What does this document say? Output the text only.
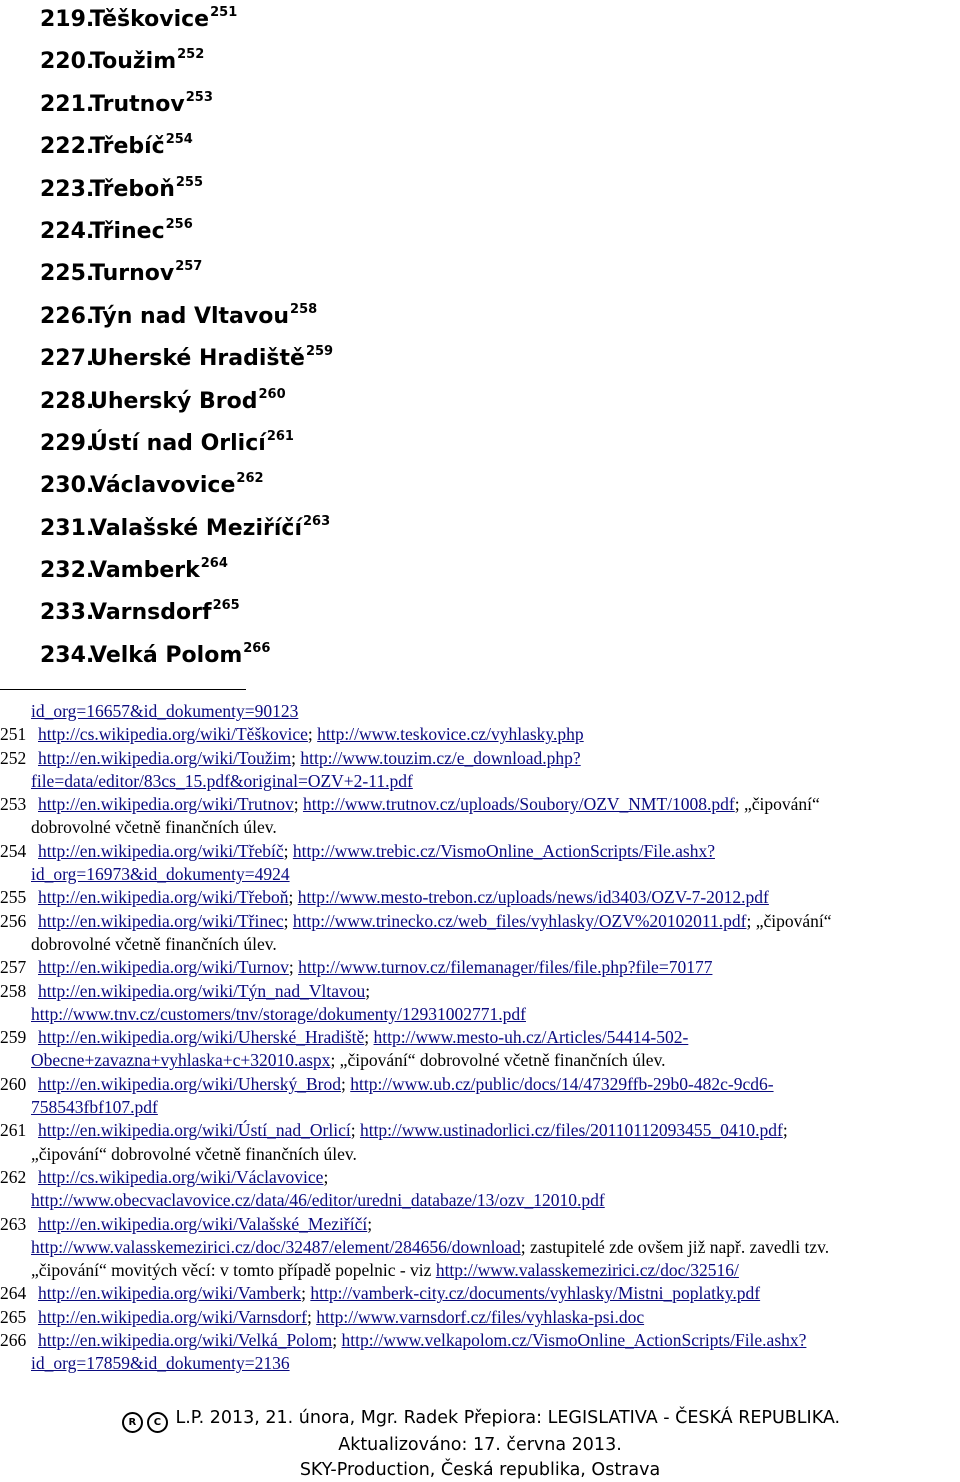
219.Těškovice$^{251}$
220.Toužim$^{252}$
221.Trutnov$^{253}$
222.Třebíč$^{254}$
223.Třeboň$^{255}$
224.Třinec$^{256}$
225.Turnov$^{257}$
226.Týn nad Vltavou$^{258}$
227.Uherské Hradiště$^{259}$
228.Uherský Brod$^{260}$
229.Ústí nad Orlicí$^{261}$
230.Václavovice$^{262}$
231.Valašské Meziříčí$^{263}$
232.Vamberk$^{264}$
233.Varnsdorf$^{265}$
234.Velká Polom$^{266}$
id_org=16657&id_dokumenty=90123
251 http://cs.wikipedia.org/wiki/Těškovice; http://www.teskovice.cz/vyhlasky.php
252 http://en.wikipedia.org/wiki/Toužim; http://www.touzim.cz/e_download.php?
file=data/editor/83cs_15.pdf&original=OZV+2-11.pdf
253 http://en.wikipedia.org/wiki/Trutnov; http://www.trutnov.cz/uploads/Soubory/OZV_NMT/1008.pdf; „čipování“
dobrovolné včetně finančních úlev.
254 http://en.wikipedia.org/wiki/Třebíč; http://www.trebic.cz/VismoOnline_ActionScripts/File.ashx?
id_org=16973&id_dokumenty=4924
255 http://en.wikipedia.org/wiki/Třeboň; http://www.mesto-trebon.cz/uploads/news/id3403/OZV-7-2012.pdf
256 http://en.wikipedia.org/wiki/Třinec; http://www.trinecko.cz/web_files/vyhlasky/OZV%20102011.pdf; „čipování“
dobrovolné včetně finančních úlev.
257 http://en.wikipedia.org/wiki/Turnov; http://www.turnov.cz/filemanager/files/file.php?file=70177
258 http://en.wikipedia.org/wiki/Týn_nad_Vltavou;
http://www.tnv.cz/customers/tnv/storage/dokumenty/12931002771.pdf
259 http://en.wikipedia.org/wiki/Uherské_Hradiště; http://www.mesto-uh.cz/Articles/54414-502-
Obecne+zavazna+vyhlaska+c+32010.aspx; „čipování“ dobrovolné včetně finančních úlev.
260 http://en.wikipedia.org/wiki/Uherský_Brod; http://www.ub.cz/public/docs/14/47329ffb-29b0-482c-9cd6-
758543fbf107.pdf
261 http://en.wikipedia.org/wiki/Ústí_nad_Orlicí; http://www.ustinadorlici.cz/files/20110112093455_0410.pdf;
„čipování“ dobrovolné včetně finančních úlev.
262 http://cs.wikipedia.org/wiki/Václavovice;
http://www.obecvaclavovice.cz/data/46/editor/uredni_databaze/13/ozv_12010.pdf
263 http://en.wikipedia.org/wiki/Valašské_Meziříčí;
http://www.valasskemezirici.cz/doc/32487/element/284656/download; zastupitelé zde ovšem již např. zavedli tzv.
„čipování“ movitých věcí: v tomto případě popelnic - viz http://www.valasskemezirici.cz/doc/32516/
264 http://en.wikipedia.org/wiki/Vamberk; http://vamberk-city.cz/documents/vyhlasky/Mistni_poplatky.pdf
265 http://en.wikipedia.org/wiki/Varnsdorf; http://www.varnsdorf.cz/files/vyhlaska-psi.doc
266 http://en.wikipedia.org/wiki/Velká_Polom; http://www.velkapolom.cz/VismoOnline_ActionScripts/File.ashx?
id_org=17859&id_dokumenty=2136
R C L.P. 2013, 21. února, Mgr. Radek Přepiora: LEGISLATIVA - ČESKÁ REPUBLIKA.
Aktualizováno: 17. června 2013.
SKY-Production, Česká republika, Ostrava
